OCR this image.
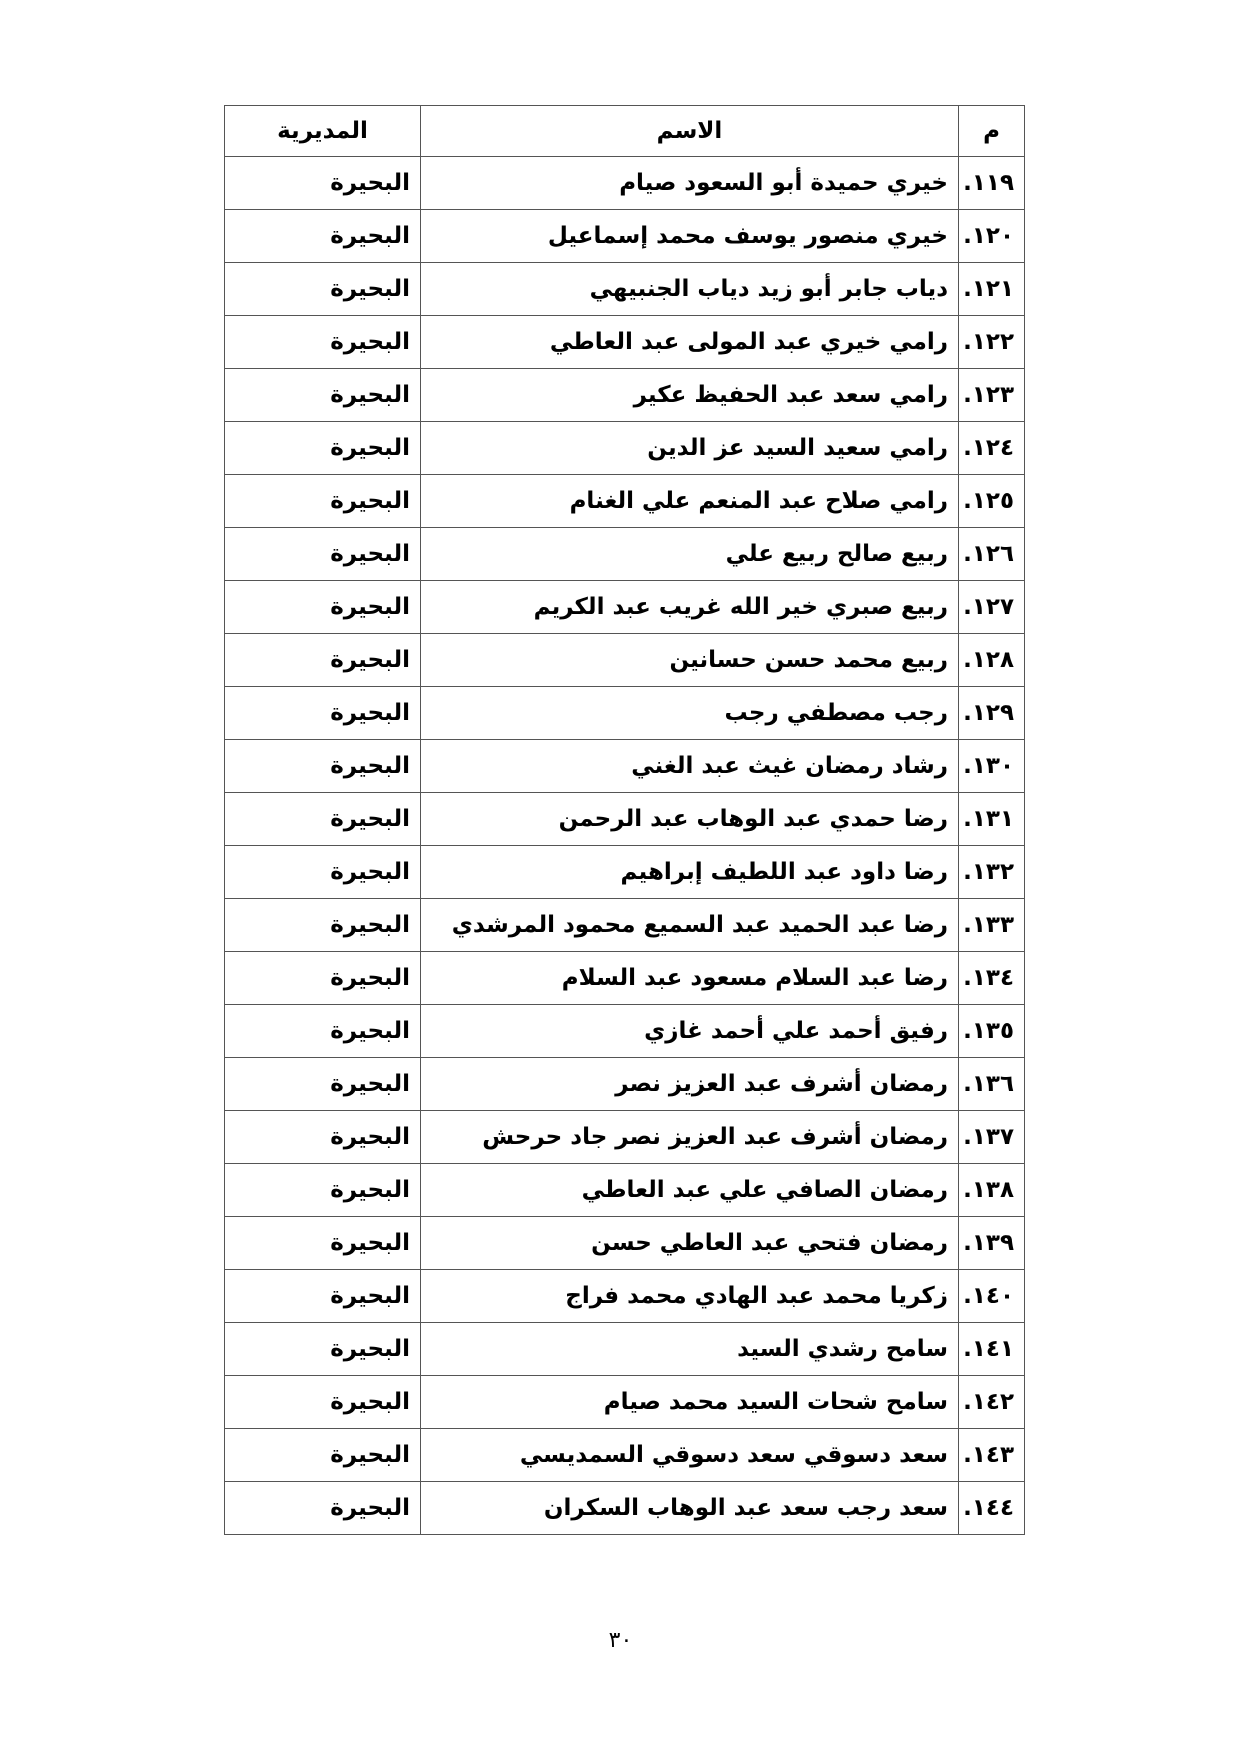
م	الاسم	المديرية
١١٩.	خيري حميدة أبو السعود صيام	البحيرة
١٢٠.	خيري منصور يوسف محمد إسماعيل	البحيرة
١٢١.	دياب جابر أبو زيد دياب الجنبيهي	البحيرة
١٢٢.	رامي خيري عبد المولى عبد العاطي	البحيرة
١٢٣.	رامي سعد عبد الحفيظ عكير	البحيرة
١٢٤.	رامي سعيد السيد عز الدين	البحيرة
١٢٥.	رامي صلاح عبد المنعم علي الغنام	البحيرة
١٢٦.	ربيع صالح ربيع علي	البحيرة
١٢٧.	ربيع صبري خير الله غريب عبد الكريم	البحيرة
١٢٨.	ربيع محمد حسن حسانين	البحيرة
١٢٩.	رجب مصطفي رجب	البحيرة
١٣٠.	رشاد رمضان غيث عبد الغني	البحيرة
١٣١.	رضا حمدي عبد الوهاب عبد الرحمن	البحيرة
١٣٢.	رضا داود عبد اللطيف إبراهيم	البحيرة
١٣٣.	رضا عبد الحميد عبد السميع محمود المرشدي	البحيرة
١٣٤.	رضا عبد السلام مسعود عبد السلام	البحيرة
١٣٥.	رفيق أحمد علي أحمد غازي	البحيرة
١٣٦.	رمضان أشرف عبد العزيز نصر	البحيرة
١٣٧.	رمضان أشرف عبد العزيز نصر جاد حرحش	البحيرة
١٣٨.	رمضان الصافي علي عبد العاطي	البحيرة
١٣٩.	رمضان فتحي عبد العاطي حسن	البحيرة
١٤٠.	زكريا محمد عبد الهادي محمد فراج	البحيرة
١٤١.	سامح رشدي السيد	البحيرة
١٤٢.	سامح شحات السيد محمد صيام	البحيرة
١٤٣.	سعد دسوقي سعد دسوقي السمديسي	البحيرة
١٤٤.	سعد رجب سعد عبد الوهاب السكران	البحيرة
٣٠
